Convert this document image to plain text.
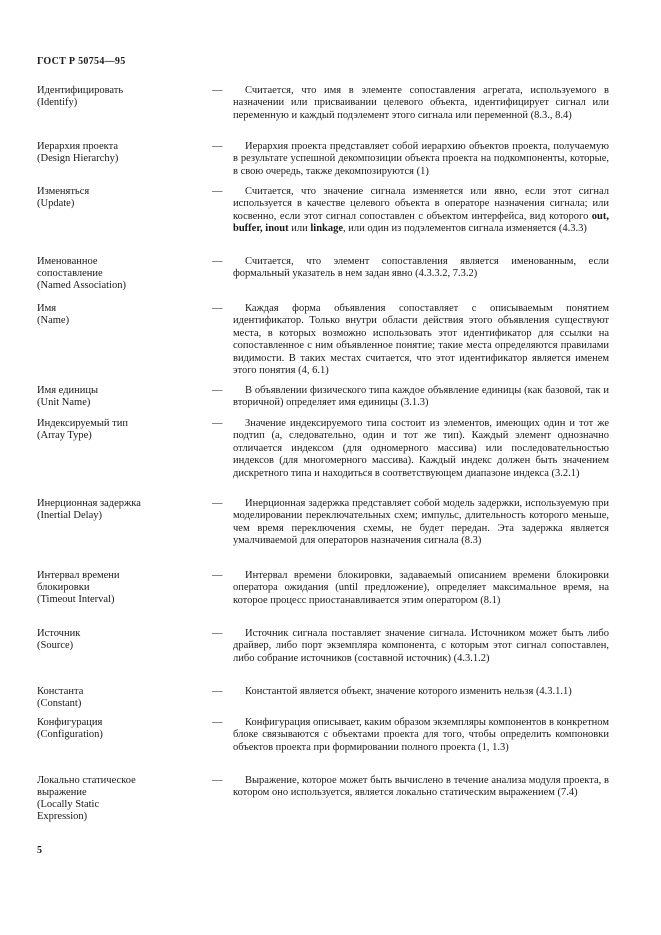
ГОСТ Р 50754—95
Идентифицировать
(Identify)
—	Считается, что имя в элементе сопоставления агрегата, используемого в назначении или присваивании целевого объекта, идентифицирует сигнал или переменную и каждый подэлемент этого сигнала или переменной (8.3., 8.4)
Иерархия проекта
(Design Hierarchy)
—	Иерархия проекта представляет собой иерархию объектов проекта, получаемую в результате успешной декомпозиции объекта проекта на подкомпоненты, которые, в свою очередь, также декомпозируются (1)
Изменяться
(Update)
—	Считается, что значение сигнала изменяется или явно, если этот сигнал используется в качестве целевого объекта в операторе назначения сигнала; или косвенно, если этот сигнал сопоставлен с объектом интерфейса, вид которого out, buffer, inout или linkage, или один из подэлементов сигнала изменяется (4.3.3)
Именованное
сопоставление
(Named Association)
—	Считается, что элемент сопоставления является именованным, если формальный указатель в нем задан явно (4.3.3.2, 7.3.2)
Имя
(Name)
—	Каждая форма объявления сопоставляет с описываемым понятием идентификатор. Только внутри области действия этого объявления существуют места, в которых возможно использовать этот идентификатор для ссылки на сопоставленное с ним объявленное понятие; такие места определяются правилами видимости. В таких местах считается, что этот идентификатор является именем этого понятия (4, 6.1)
Имя единицы
(Unit Name)
—	В объявлении физического типа каждое объявление единицы (как базовой, так и вторичной) определяет имя единицы (3.1.3)
Индексируемый тип
(Array Type)
—	Значение индексируемого типа состоит из элементов, имеющих один и тот же подтип (а, следовательно, один и тот же тип). Каждый элемент однозначно отличается индексом (для одномерного массива) или последовательностью индексов (для многомерного массива). Каждый индекс должен быть значением дискретного типа и находиться в соответствующем диапазоне индекса (3.2.1)
Инерционная задержка
(Inertial Delay)
—	Инерционная задержка представляет собой модель задержки, используемую при моделировании переключательных схем; импульс, длительность которого меньше, чем время переключения схемы, не будет передан. Эта задержка является умалчиваемой для операторов назначения сигнала (8.3)
Интервал времени
блокировки
(Timeout Interval)
—	Интервал времени блокировки, задаваемый описанием времени блокировки оператора ожидания (until предложение), определяет максимальное время, на которое процесс приостанавливается этим оператором (8.1)
Источник
(Source)
—	Источник сигнала поставляет значение сигнала. Источником может быть либо драйвер, либо порт экземпляра компонента, с которым этот сигнал сопоставлен, либо собрание источников (составной источник) (4.3.1.2)
Константа
(Constant)
—	Константой является объект, значение которого изменить нельзя (4.3.1.1)
Конфигурация
(Configuration)
—	Конфигурация описывает, каким образом экземпляры компонентов в конкретном блоке связываются с объектами проекта для того, чтобы определить компоновки объектов проекта при формировании полного проекта (1, 1.3)
Локально статическое
выражение
(Locally Static
Expression)
—	Выражение, которое может быть вычислено в течение анализа модуля проекта, в котором оно используется, является локально статическим выражением (7.4)
5
